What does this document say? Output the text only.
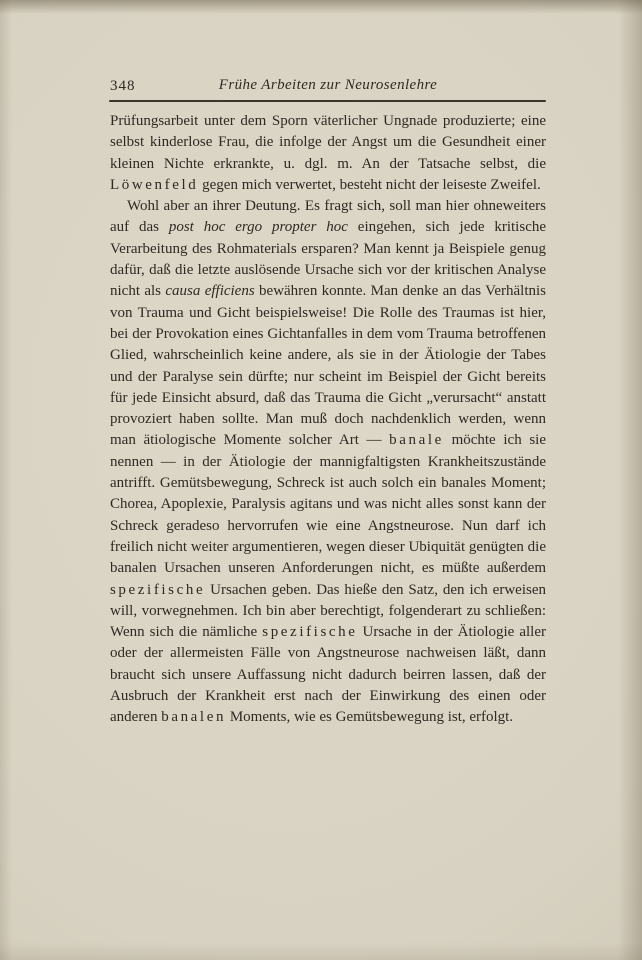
348	Frühe Arbeiten zur Neurosenlehre

Prüfungsarbeit unter dem Sporn väterlicher Ungnade produzierte; eine selbst kinderlose Frau, die infolge der Angst um die Gesundheit einer kleinen Nichte erkrankte, u. dgl. m. An der Tatsache selbst, die Löwenfeld gegen mich verwertet, besteht nicht der leiseste Zweifel.

Wohl aber an ihrer Deutung. Es fragt sich, soll man hier ohneweiters auf das post hoc ergo propter hoc eingehen, sich jede kritische Verarbeitung des Rohmaterials ersparen? Man kennt ja Beispiele genug dafür, daß die letzte auslösende Ursache sich vor der kritischen Analyse nicht als causa efficiens bewähren konnte. Man denke an das Verhältnis von Trauma und Gicht beispielsweise! Die Rolle des Traumas ist hier, bei der Provokation eines Gichtanfalles in dem vom Trauma betroffenen Glied, wahrscheinlich keine andere, als sie in der Ätiologie der Tabes und der Paralyse sein dürfte; nur scheint im Beispiel der Gicht bereits für jede Einsicht absurd, daß das Trauma die Gicht „verursacht“ anstatt provoziert haben sollte. Man muß doch nachdenklich werden, wenn man ätiologische Momente solcher Art — banale möchte ich sie nennen — in der Ätiologie der mannigfaltigsten Krankheitszustände antrifft. Gemütsbewegung, Schreck ist auch solch ein banales Moment; Chorea, Apoplexie, Paralysis agitans und was nicht alles sonst kann der Schreck geradeso hervorrufen wie eine Angstneurose. Nun darf ich freilich nicht weiter argumentieren, wegen dieser Ubiquität genügten die banalen Ursachen unseren Anforderungen nicht, es müßte außerdem spezifische Ursachen geben. Das hieße den Satz, den ich erweisen will, vorwegnehmen. Ich bin aber berechtigt, folgenderart zu schließen: Wenn sich die nämliche spezifische Ursache in der Ätiologie aller oder der allermeisten Fälle von Angstneurose nachweisen läßt, dann braucht sich unsere Auffassung nicht dadurch beirren lassen, daß der Ausbruch der Krankheit erst nach der Einwirkung des einen oder anderen banalen Moments, wie es Gemütsbewegung ist, erfolgt.
